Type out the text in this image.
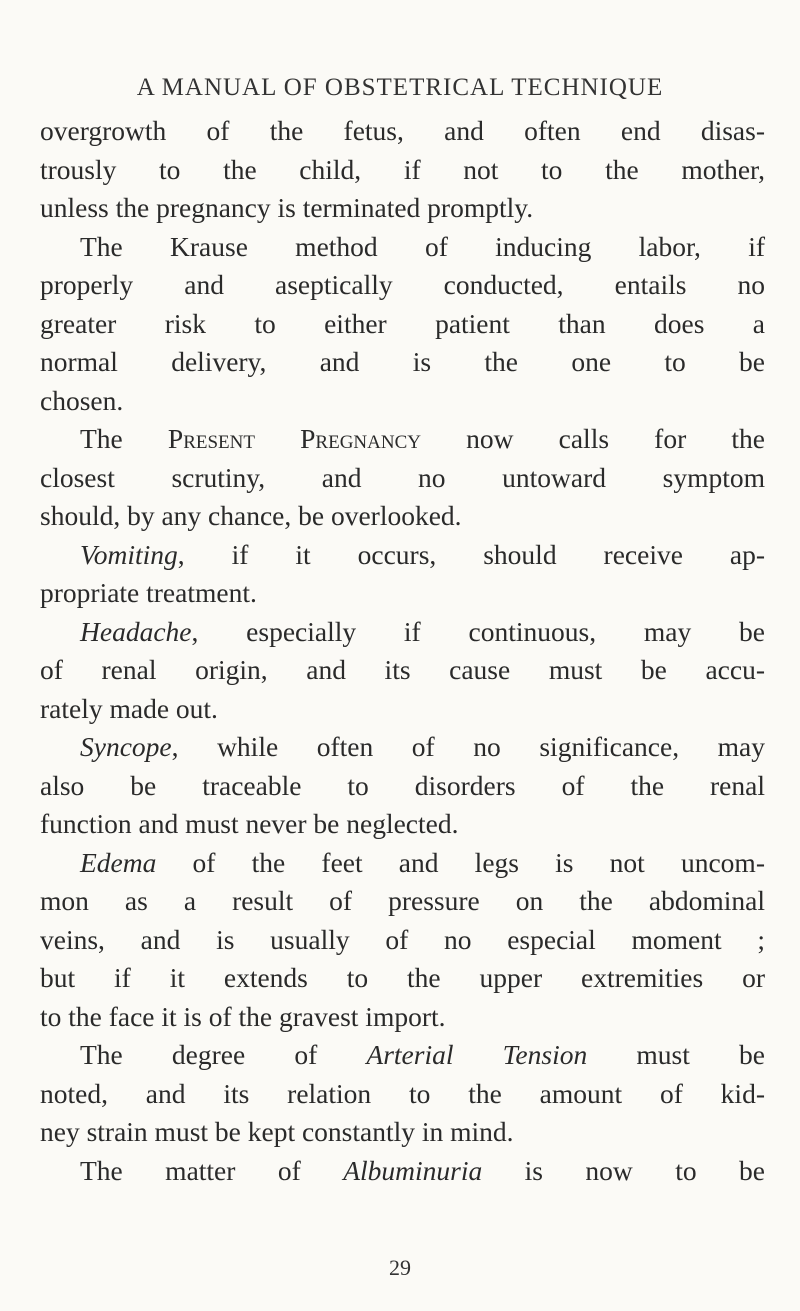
A MANUAL OF OBSTETRICAL TECHNIQUE
overgrowth of the fetus, and often end disas-
trously to the child, if not to the mother,
unless the pregnancy is terminated promptly.
The Krause method of inducing labor, if
properly and aseptically conducted, entails no
greater risk to either patient than does a
normal delivery, and is the one to be
chosen.
The Present Pregnancy now calls for the
closest scrutiny, and no untoward symptom
should, by any chance, be overlooked.
Vomiting, if it occurs, should receive ap-
propriate treatment.
Headache, especially if continuous, may be
of renal origin, and its cause must be accu-
rately made out.
Syncope, while often of no significance, may
also be traceable to disorders of the renal
function and must never be neglected.
Edema of the feet and legs is not uncom-
mon as a result of pressure on the abdominal
veins, and is usually of no especial moment ;
but if it extends to the upper extremities or
to the face it is of the gravest import.
The degree of Arterial Tension must be
noted, and its relation to the amount of kid-
ney strain must be kept constantly in mind.
The matter of Albuminuria is now to be
29
